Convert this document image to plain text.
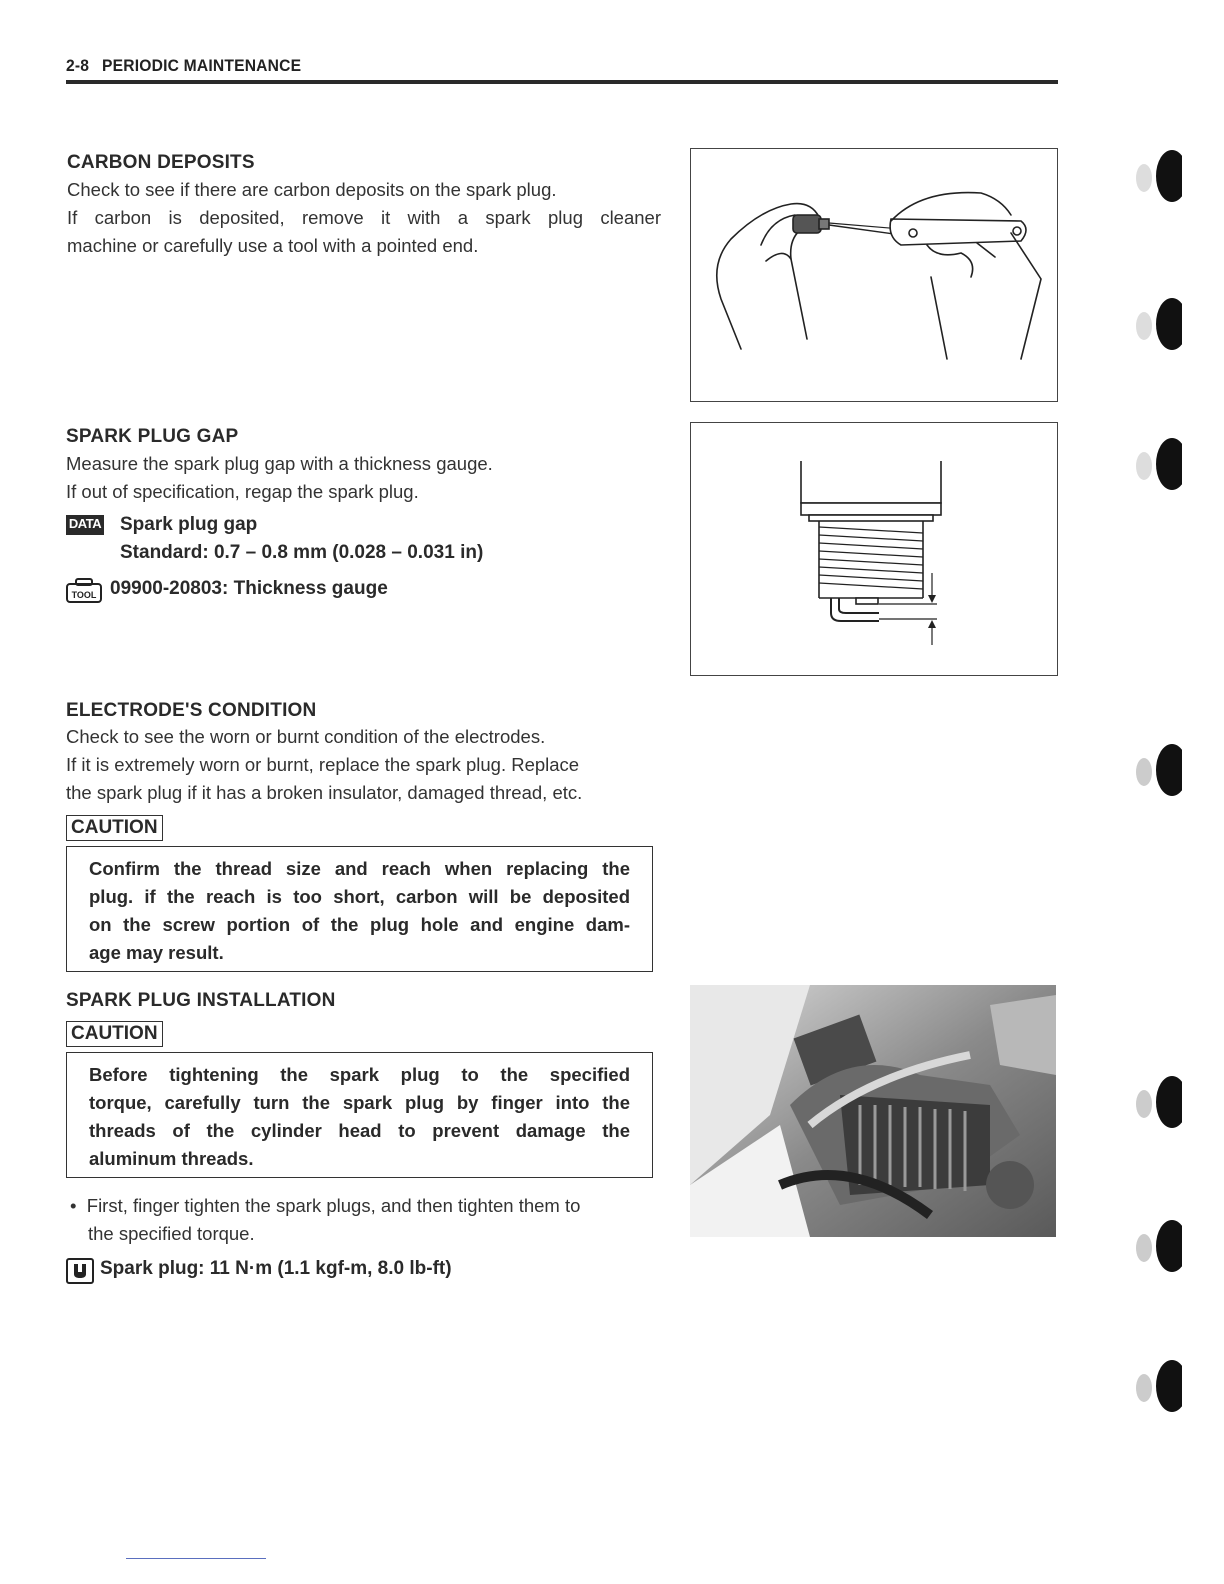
2-8 PERIODIC MAINTENANCE
CARBON DEPOSITS
Check to see if there are carbon deposits on the spark plug.
If carbon is deposited, remove it with a spark plug cleaner
machine or carefully use a tool with a pointed end.
SPARK PLUG GAP
Measure the spark plug gap with a thickness gauge.
If out of specification, regap the spark plug.
DATA Spark plug gap
Standard: 0.7 – 0.8 mm (0.028 – 0.031 in)
TOOL 09900-20803: Thickness gauge
ELECTRODE'S CONDITION
Check to see the worn or burnt condition of the electrodes.
If it is extremely worn or burnt, replace the spark plug. Replace
the spark plug if it has a broken insulator, damaged thread, etc.
CAUTION
Confirm the thread size and reach when replacing the
plug. if the reach is too short, carbon will be deposited
on the screw portion of the plug hole and engine dam-
age may result.
SPARK PLUG INSTALLATION
CAUTION
Before tightening the spark plug to the specified
torque, carefully turn the spark plug by finger into the
threads of the cylinder head to prevent damage the
aluminum threads.
• First, finger tighten the spark plugs, and then tighten them to
the specified torque.
Spark plug: 11 N·m (1.1 kgf-m, 8.0 lb-ft)
